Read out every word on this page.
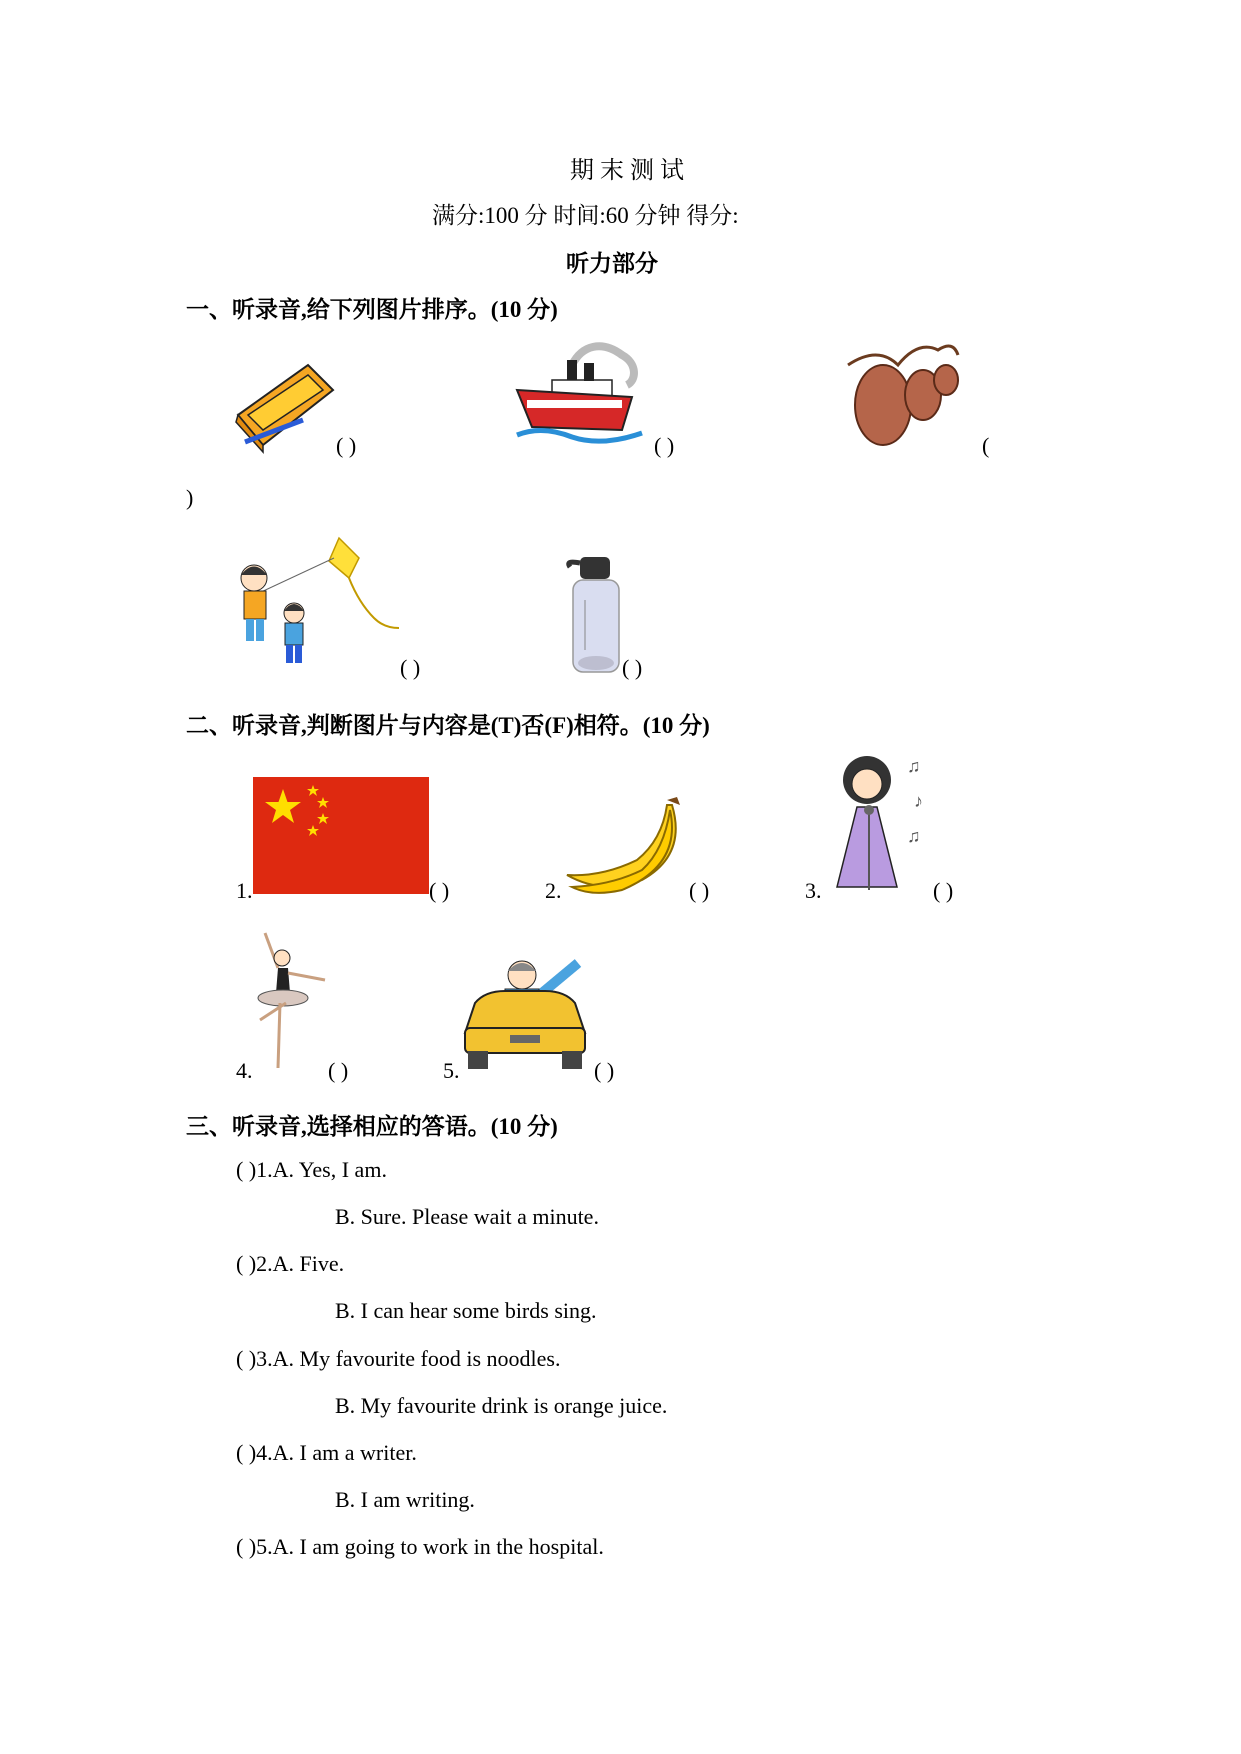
期 末 测 试
满分:100 分 时间:60 分钟 得分:
听力部分
一、听录音,给下列图片排序。(10 分)
( )	( )	(
)
( )	( )
二、听录音,判断图片与内容是(T)否(F)相符。(10 分)
1.	( )	2.	( )	3.
♫
♪
♫
( )
4.	( )	5.	( )
三、听录音,选择相应的答语。(10 分)
( )1.A. Yes, I am.
B. Sure. Please wait a minute.
( )2.A. Five.
B. I can hear some birds sing.
( )3.A. My favourite food is noodles.
B. My favourite drink is orange juice.
( )4.A. I am a writer.
B. I am writing.
( )5.A. I am going to work in the hospital.
